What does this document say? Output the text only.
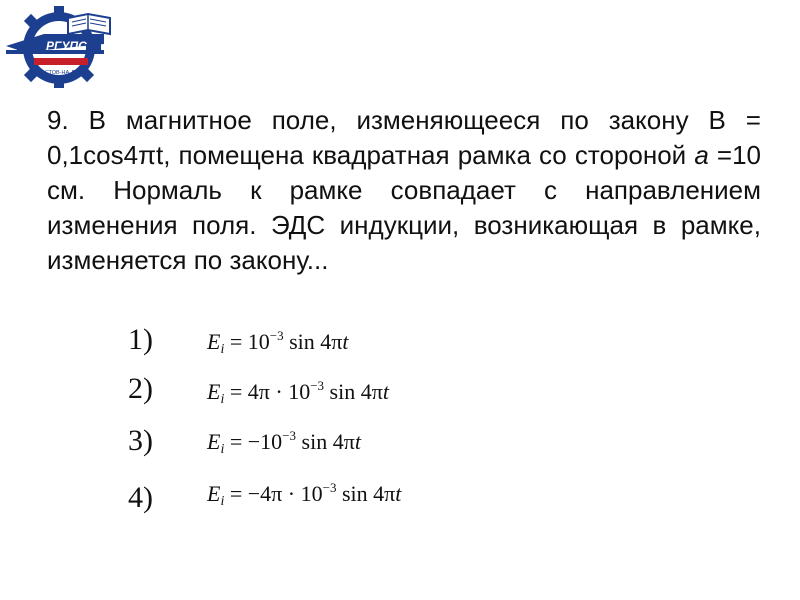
РГУПС
РОСТОВ-НА-ДОНУ

9. В магнитное поле, изменяющееся по закону B = 0,1cos4πt, помещена квадратная рамка со стороной a =10 см. Нормаль к рамке совпадает с направлением изменения поля. ЭДС индукции, возникающая в рамке, изменяется по закону...

1) $E_i = 10^{-3}$ sin 4πt
2) $E_i = 4\pi \cdot 10^{-3}$ sin 4πt
3) $E_i = -10^{-3}$ sin 4πt
4) $E_i = -4\pi \cdot 10^{-3}$ sin 4πt
